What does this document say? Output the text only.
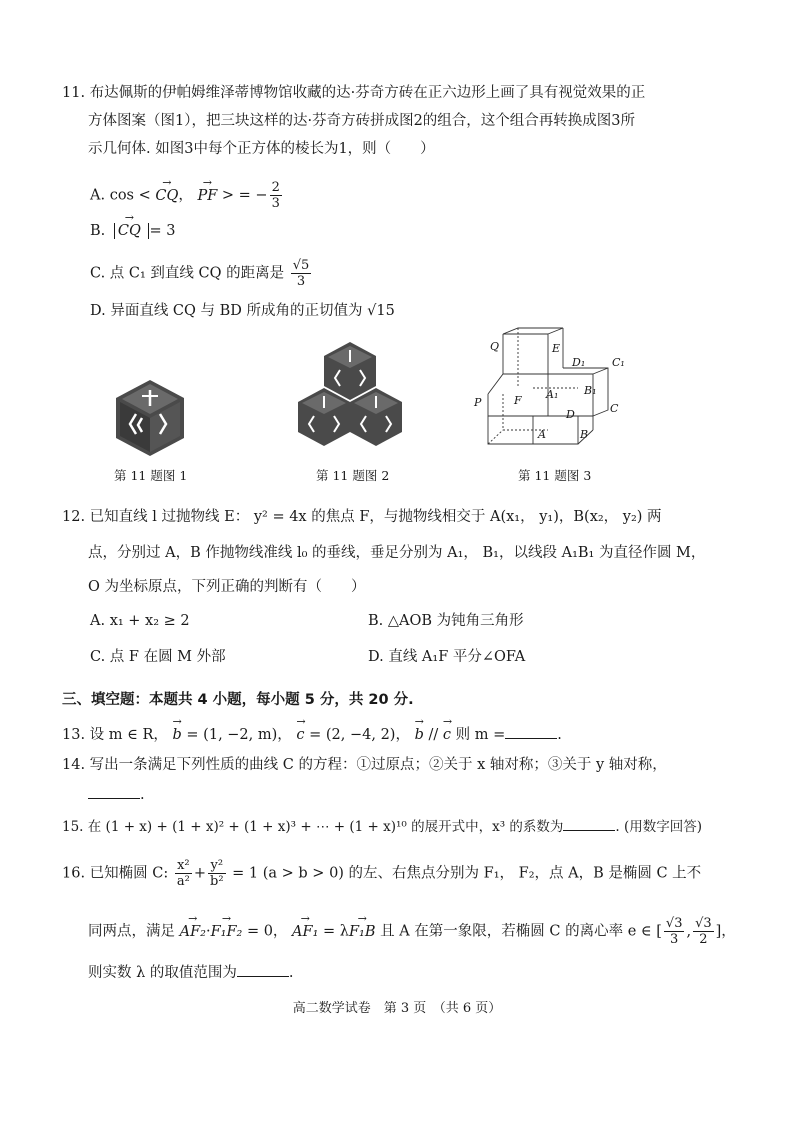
11. 布达佩斯的伊帕姆维泽蒂博物馆收藏的达·芬奇方砖在正六边形上画了具有视觉效果的正
方体图案（图1），把三块这样的达·芬奇方砖拼成图2的组合，这个组合再转换成图3所
示几何体. 如图3中每个正方体的棱长为1，则（　　）
A. cos < → CQ， → PF > = − $\frac{2}{3}$
B. → CQ = 3
C. 点 C₁ 到直线 CQ 的距离是 $\frac{√5}{3}$
D. 异面直线 CQ 与 BD 所成角的正切值为 √15
Q	E
D₁ C₁
P	F A₁ B₁
D	C
A	B
第 11 题图 1	第 11 题图 2	第 11 题图 3
12. 已知直线 l 过抛物线 E： y² = 4x 的焦点 F，与抛物线相交于 A(x₁， y₁)，B(x₂， y₂) 两
点，分别过 A，B 作抛物线准线 l₀ 的垂线，垂足分别为 A₁， B₁，以线段 A₁B₁ 为直径作圆 M，
O 为坐标原点，下列正确的判断有（　　）
A. x₁ + x₂ ≥ 2	B. △AOB 为钝角三角形
C. 点 F 在圆 M 外部	D. 直线 A₁F 平分∠OFA
三、填空题：本题共 4 小题，每小题 5 分，共 20 分.
13. 设 m ∈ R， → b = (1, −2, m)， → c = (2, −4, 2)， → b // → c 则 m =	.
14. 写出一条满足下列性质的曲线 C 的方程：①过原点；②关于 x 轴对称；③关于 y 轴对称，
.
15. 在 (1 + x) + (1 + x)² + (1 + x)³ + ⋯ + (1 + x)¹⁰ 的展开式中，x³ 的系数为	. (用数字回答)
16. 已知椭圆 C: $\frac{\text{x²}}{\text{a²}} + \frac{\text{y²}}{\text{b²}} = 1$ (a > b > 0) 的左、右焦点分别为 F₁， F₂，点 A，B 是椭圆 C 上不
同两点，满足 → AF₂·→ F₁F₂ = 0， → AF₁ = λ→ F₁B 且 A 在第一象限，若椭圆 C 的离心率 e ∈ [ $\frac{√3}{3}$ , $\frac{√3}{2}$ ]，
则实数 λ 的取值范围为	.
高二数学试卷　第 3 页　（共 6 页）
